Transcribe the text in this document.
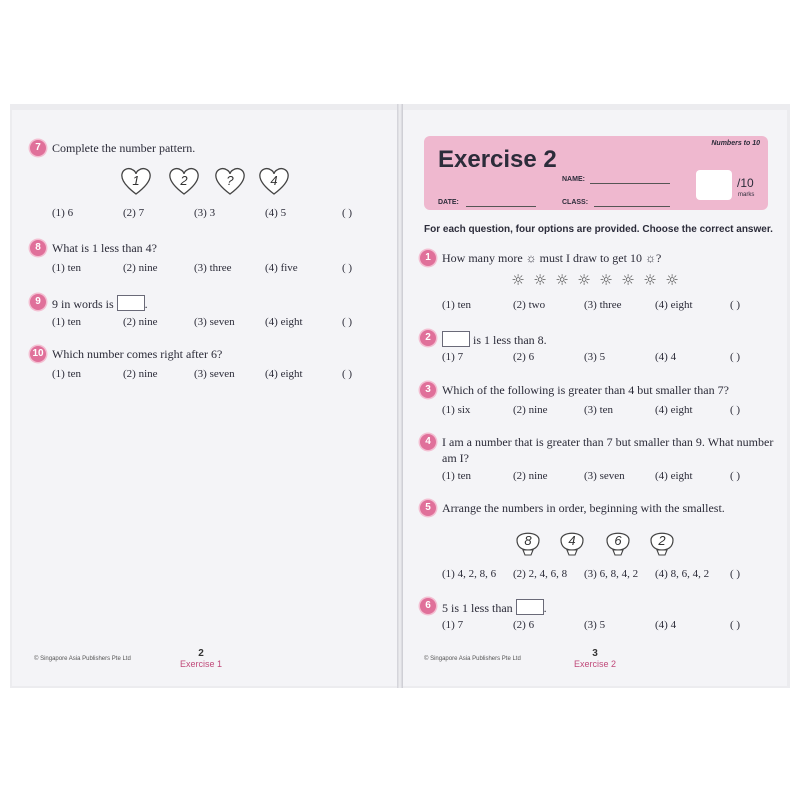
7 Complete the number pattern.
1	2	?	4
(1) 6	(2) 7	(3) 3	(4) 5	( )
8 What is 1 less than 4?
(1) ten	(2) nine	(3) three	(4) five	( )
9 9 in words is	.
(1) ten	(2) nine	(3) seven	(4) eight	( )
10 Which number comes right after 6?
(1) ten	(2) nine	(3) seven	(4) eight	( )
© Singapore Asia Publishers Pte Ltd	2
Exercise 1
Exercise 2
Numbers to 10
NAME:
DATE:	CLASS:
/10
marks
For each question, four options are provided. Choose the correct answer.
1 How many more ☼ must I draw to get 10 ☼?
☼ ☼ ☼ ☼ ☼ ☼ ☼ ☼
(1) ten	(2) two	(3) three	(4) eight	( )
2	is 1 less than 8.
(1) 7	(2) 6	(3) 5	(4) 4	( )
3 Which of the following is greater than 4 but smaller than 7?
(1) six	(2) nine	(3) ten	(4) eight	( )
4 I am a number that is greater than 7 but smaller than 9. What number
am I?
(1) ten	(2) nine	(3) seven	(4) eight	( )
5 Arrange the numbers in order, beginning with the smallest.
8	4	6	2
(1) 4, 2, 8, 6 (2) 2, 4, 6, 8 (3) 6, 8, 4, 2 (4) 8, 6, 4, 2 ( )
6 5 is 1 less than	.
(1) 7	(2) 6	(3) 5	(4) 4	( )
© Singapore Asia Publishers Pte Ltd	3
Exercise 2
